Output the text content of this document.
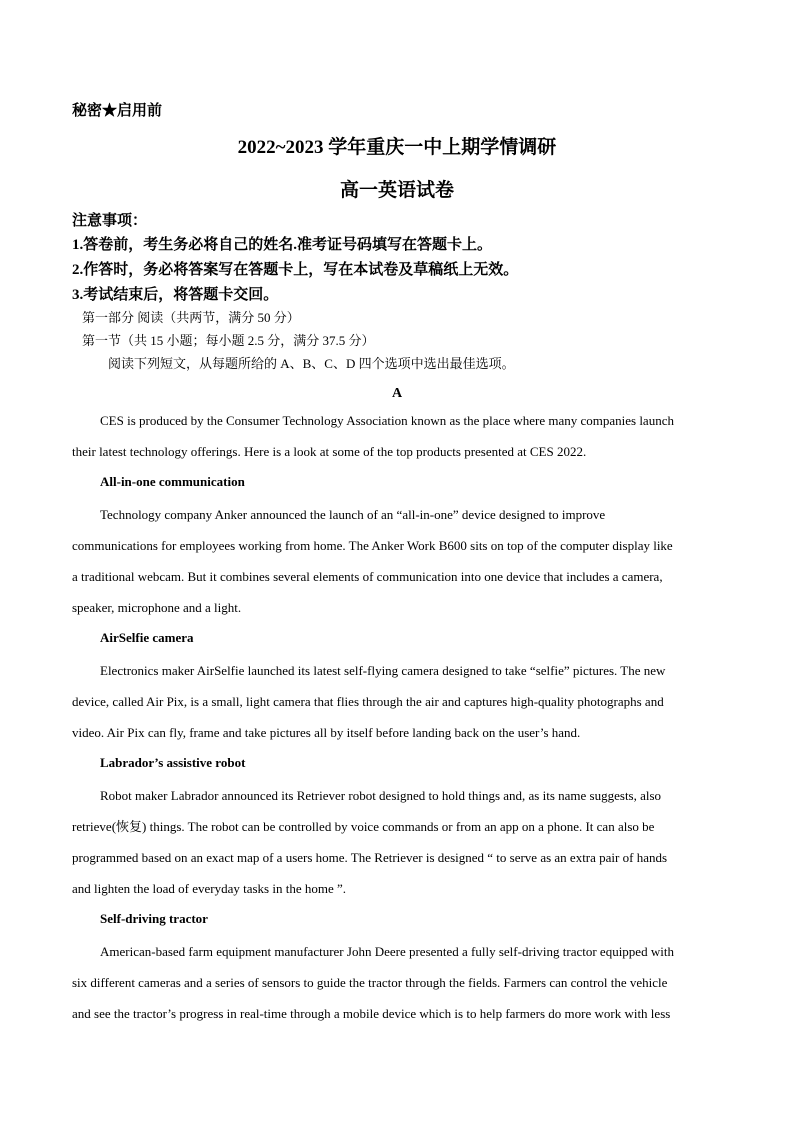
秘密★启用前
2022~2023 学年重庆一中上期学情调研
高一英语试卷
注意事项：
1.答卷前，考生务必将自己的姓名.准考证号码填写在答题卡上。
2.作答时，务必将答案写在答题卡上，写在本试卷及草稿纸上无效。
3.考试结束后，将答题卡交回。
第一部分 阅读（共两节，满分 50 分）
第一节（共 15 小题；每小题 2.5 分，满分 37.5 分）
阅读下列短文，从每题所给的 A、B、C、D 四个选项中选出最佳选项。
A
CES is produced by the Consumer Technology Association known as the place where many companies launch
their latest technology offerings. Here is a look at some of the top products presented at CES 2022.
All-in-one communication
Technology company Anker announced the launch of an “all-in-one” device designed to improve
communications for employees working from home. The Anker Work B600 sits on top of the computer display like
a traditional webcam. But it combines several elements of communication into one device that includes a camera,
speaker, microphone and a light.
AirSelfie camera
Electronics maker AirSelfie launched its latest self-flying camera designed to take “selfie” pictures. The new
device, called Air Pix, is a small, light camera that flies through the air and captures high-quality photographs and
video. Air Pix can fly, frame and take pictures all by itself before landing back on the user’s hand.
Labrador’s assistive robot
Robot maker Labrador announced its Retriever robot designed to hold things and, as its name suggests, also
retrieve(恢复) things. The robot can be controlled by voice commands or from an app on a phone. It can also be
programmed based on an exact map of a users home. The Retriever is designed “ to serve as an extra pair of hands
and lighten the load of everyday tasks in the home ”.
Self-driving tractor
American-based farm equipment manufacturer John Deere presented a fully self-driving tractor equipped with
six different cameras and a series of sensors to guide the tractor through the fields. Farmers can control the vehicle
and see the tractor’s progress in real-time through a mobile device which is to help farmers do more work with less
